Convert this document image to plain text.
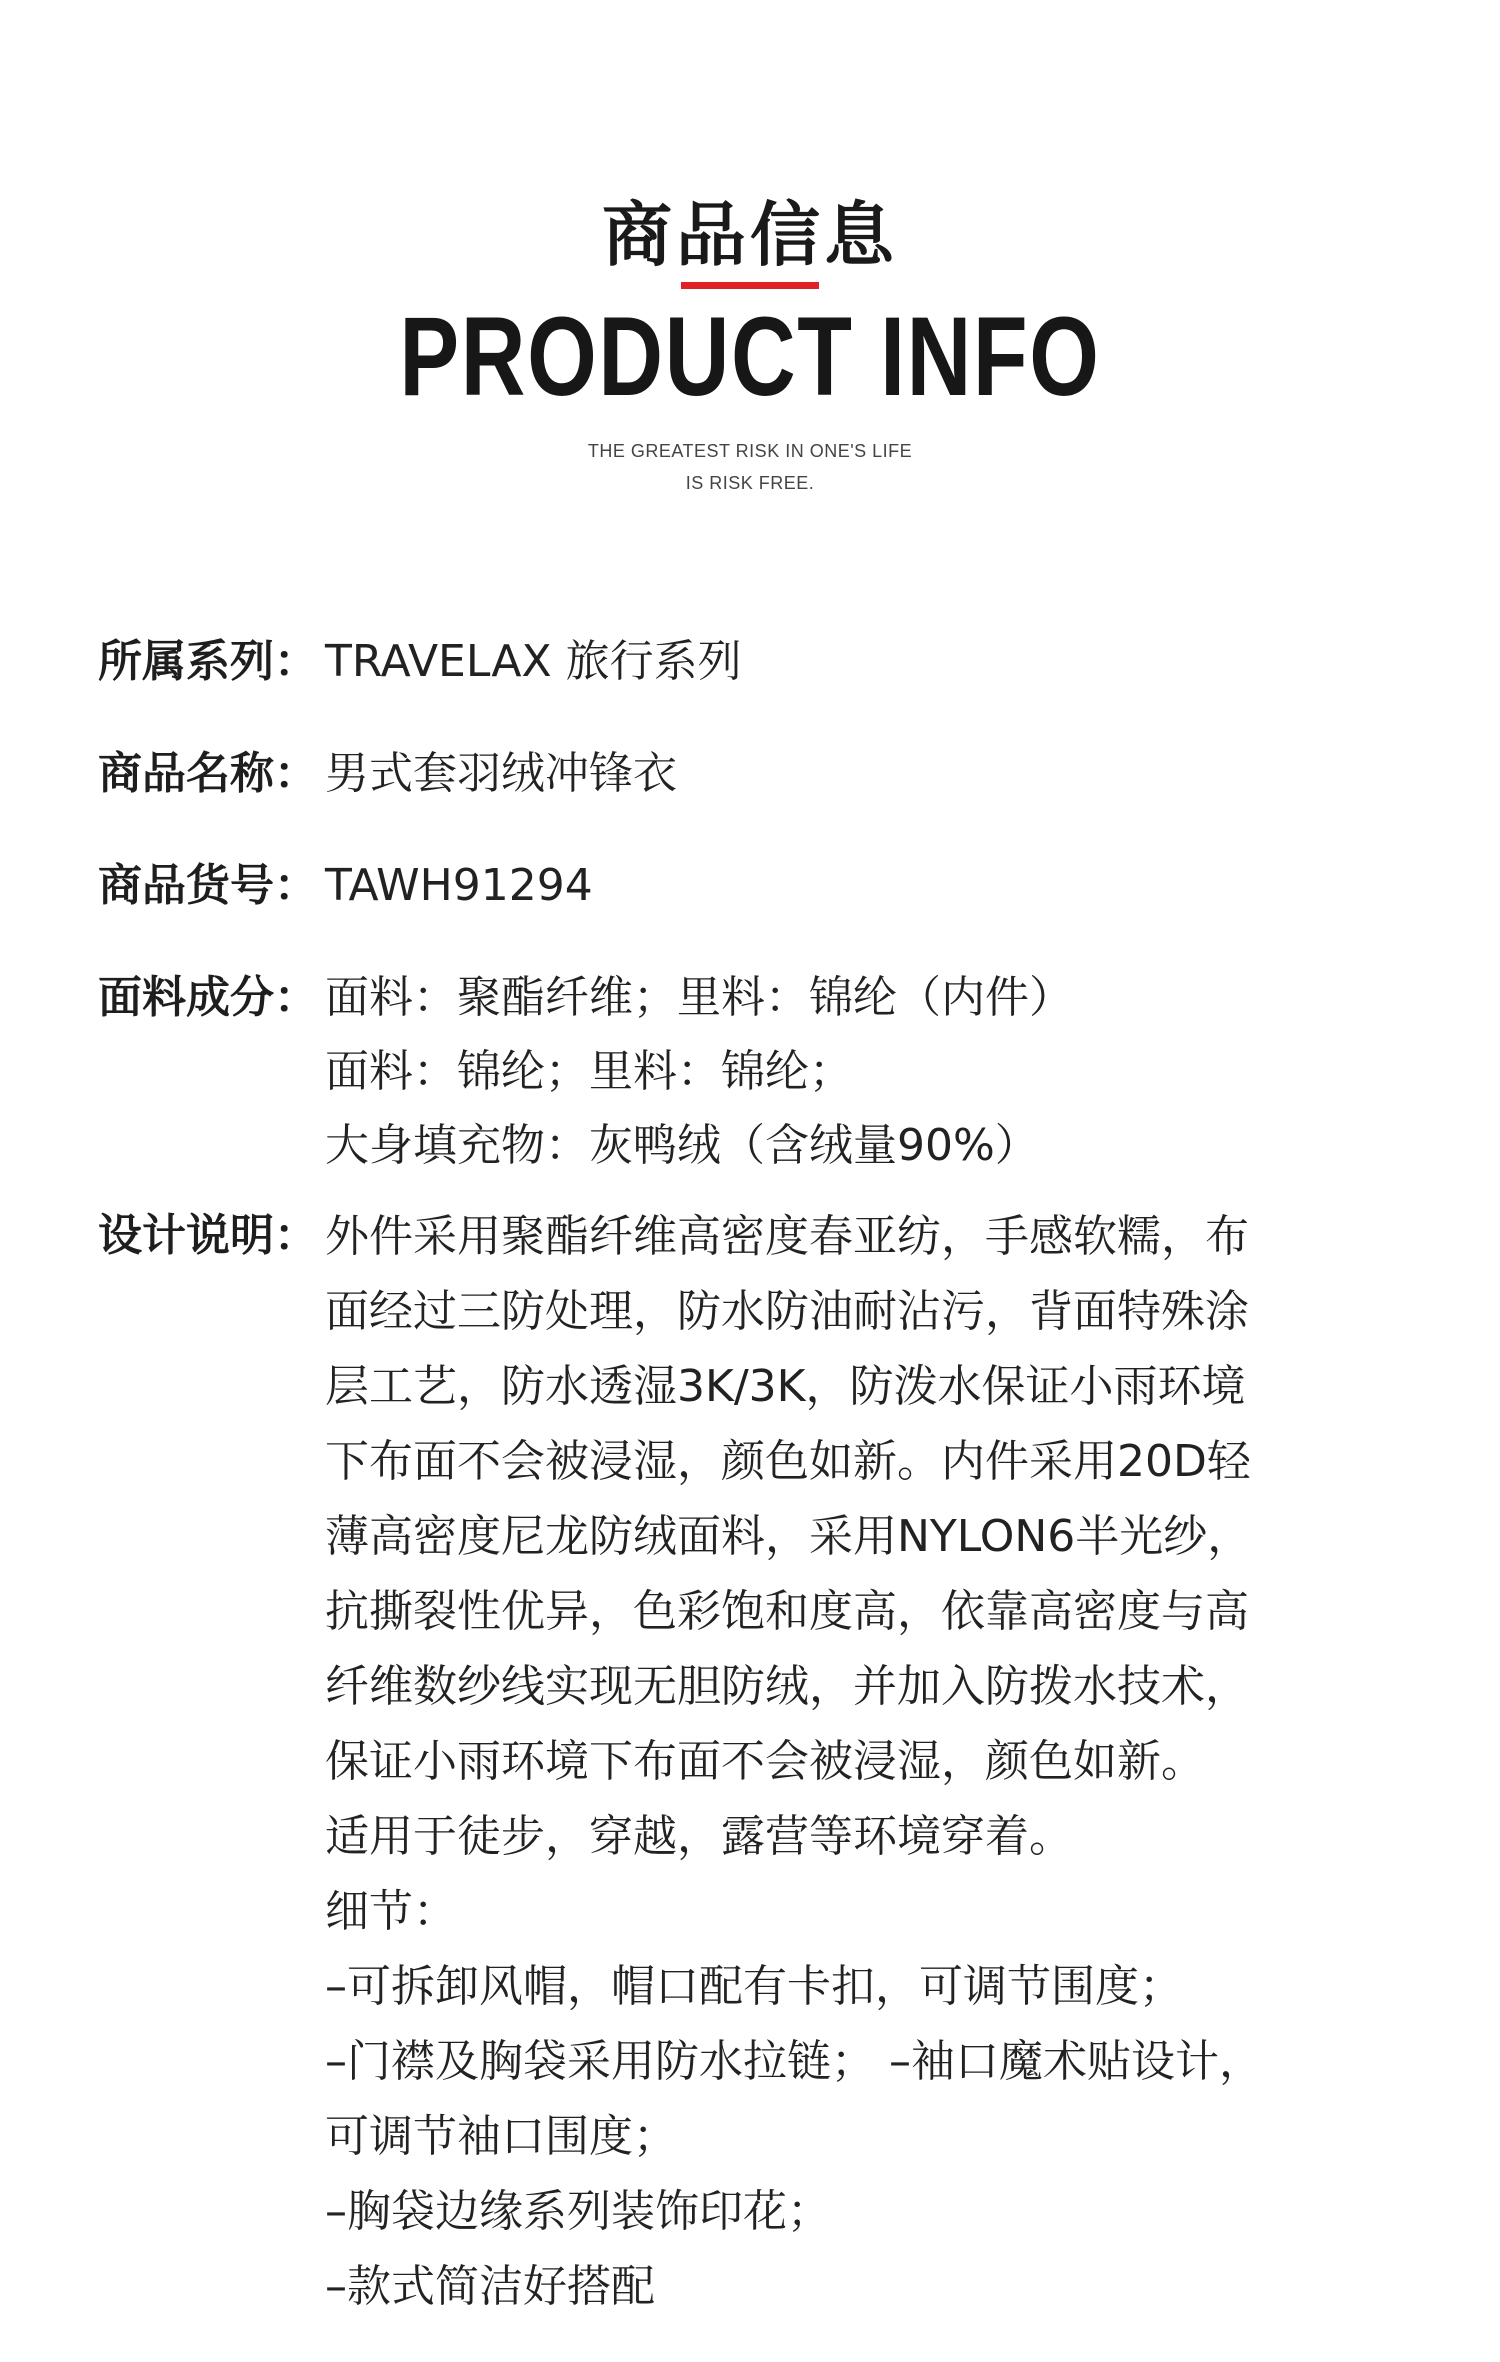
商品信息
PRODUCT INFO
THE GREATEST RISK IN ONE'S LIFE
IS RISK FREE.
所属系列： TRAVELAX 旅行系列
商品名称： 男式套羽绒冲锋衣
商品货号： TAWH91294
面料成分： 面料：聚酯纤维；里料：锦纶（内件）
面料：锦纶；里料：锦纶；
大身填充物：灰鸭绒（含绒量90%）
设计说明： 外件采用聚酯纤维高密度春亚纺，手感软糯，布
面经过三防处理，防水防油耐沾污，背面特殊涂
层工艺，防水透湿3K/3K，防泼水保证小雨环境
下布面不会被浸湿，颜色如新。内件采用20D轻
薄高密度尼龙防绒面料，采用NYLON6半光纱，
抗撕裂性优异，色彩饱和度高，依靠高密度与高
纤维数纱线实现无胆防绒，并加入防拨水技术，
保证小雨环境下布面不会被浸湿，颜色如新。
适用于徒步，穿越，露营等环境穿着。
细节：
–可拆卸风帽，帽口配有卡扣，可调节围度；
–门襟及胸袋采用防水拉链； –袖口魔术贴设计，
可调节袖口围度；
–胸袋边缘系列装饰印花；
–款式简洁好搭配
